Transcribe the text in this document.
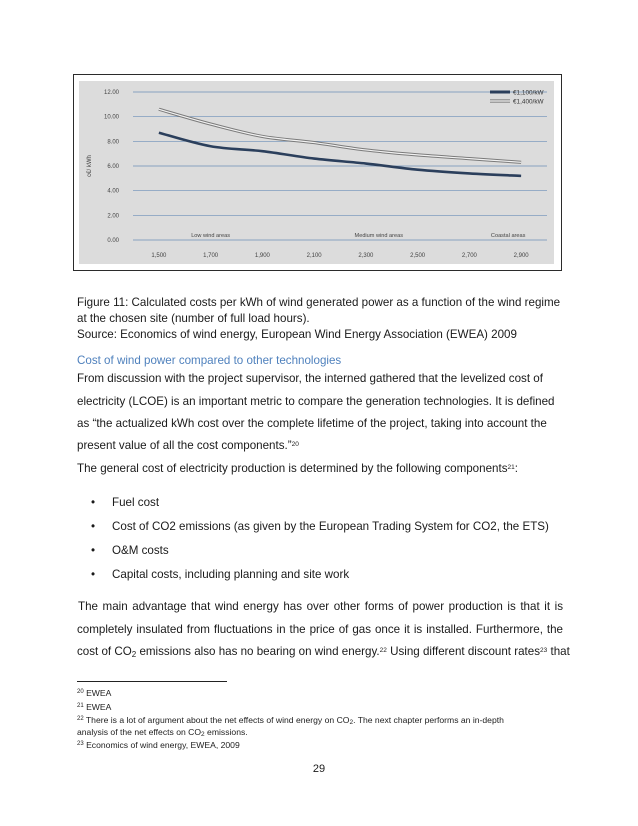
0.00
2.00
4.00
6.00
8.00
10.00
12.00
c€/ kWh
1,500	1,700	1,900	2,100	2,300	2,500	2,700	2,900
Low wind areas	Medium wind areas	Coastal areas
€1,100/kW
€1,400/kW
Figure 11: Calculated costs per kWh of wind generated power as a function of the wind regime
at the chosen site (number of full load hours).
Source: Economics of wind energy, European Wind Energy Association (EWEA) 2009
Cost of wind power compared to other technologies
From discussion with the project supervisor, the interned gathered that the levelized cost of
electricity (LCOE) is an important metric to compare the generation technologies. It is defined
as “the actualized kWh cost over the complete lifetime of the project, taking into account the
present value of all the cost components.”$^{20}$
The general cost of electricity production is determined by the following components$^{21}$:
• Fuel cost
• Cost of CO2 emissions (as given by the European Trading System for CO2, the ETS)
• O&M costs
• Capital costs, including planning and site work
The main advantage that wind energy has over other forms of power production is that it is
completely insulated from fluctuations in the price of gas once it is installed. Furthermore, the
cost of $CO_2$ emissions also has no bearing on wind energy.$^{22}$ Using different discount rates$^{23}$ that
$^{20}$ EWEA
$^{21}$ EWEA
$^{22}$ There is a lot of argument about the net effects of wind energy on $CO_2$. The next chapter performs an in-depth
analysis of the net effects on $CO_2$ emissions.
$^{23}$ Economics of wind energy, EWEA, 2009
29
